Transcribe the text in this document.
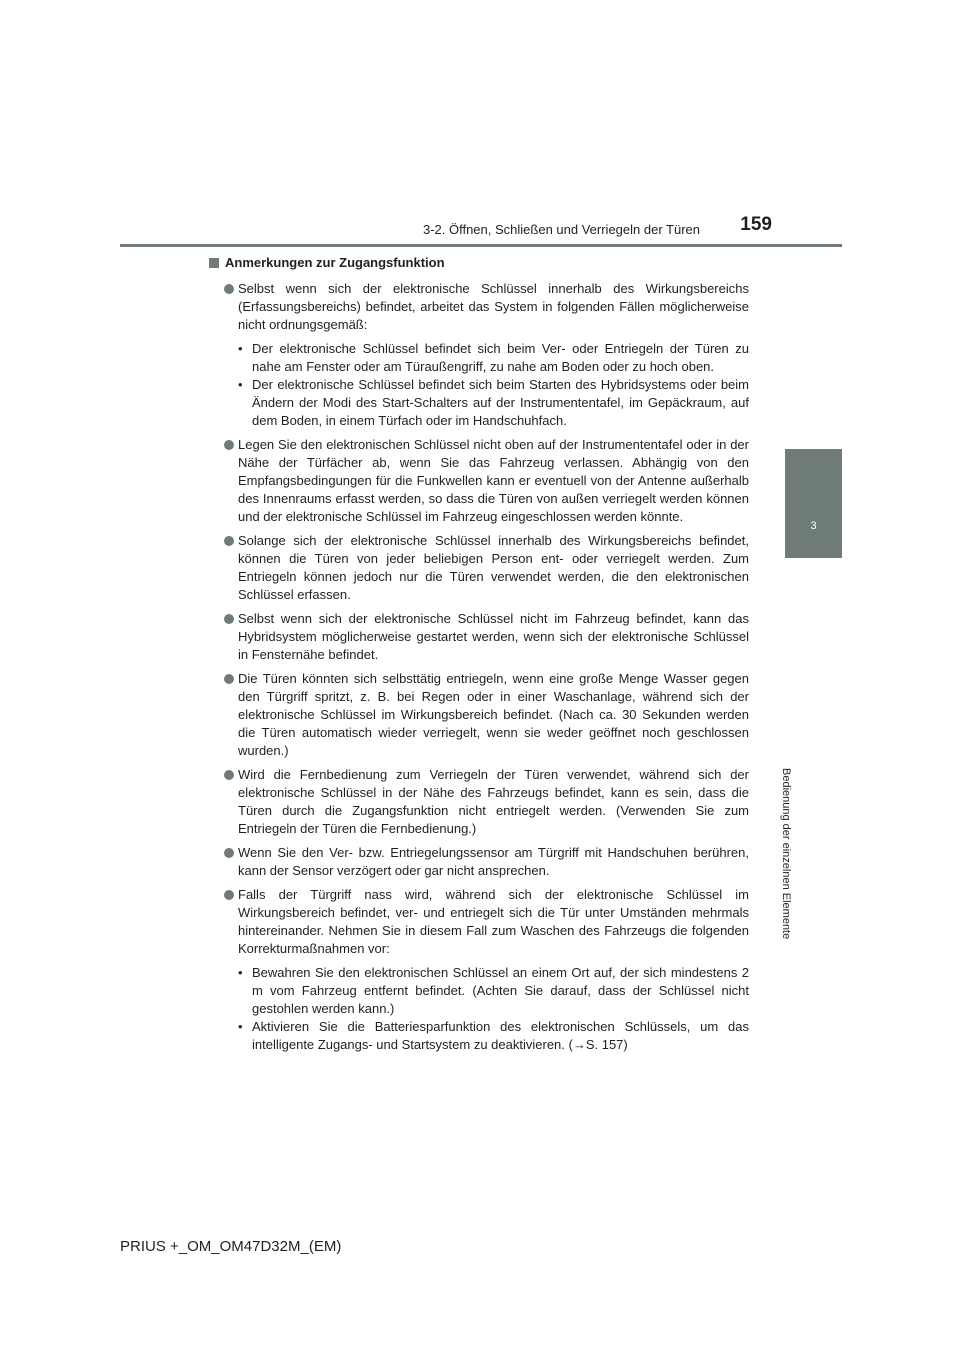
3-2. Öffnen, Schließen und Verriegeln der Türen 159
3
Bedienung der einzelnen Elemente
Anmerkungen zur Zugangsfunktion
Selbst wenn sich der elektronische Schlüssel innerhalb des Wirkungsbereichs (Erfassungsbereichs) befindet, arbeitet das System in folgenden Fällen möglicherweise nicht ordnungsgemäß:
• Der elektronische Schlüssel befindet sich beim Ver- oder Entriegeln der Türen zu nahe am Fenster oder am Türaußengriff, zu nahe am Boden oder zu hoch oben.
• Der elektronische Schlüssel befindet sich beim Starten des Hybridsystems oder beim Ändern der Modi des Start-Schalters auf der Instrumententafel, im Gepäckraum, auf dem Boden, in einem Türfach oder im Handschuhfach.
Legen Sie den elektronischen Schlüssel nicht oben auf der Instrumententafel oder in der Nähe der Türfächer ab, wenn Sie das Fahrzeug verlassen. Abhängig von den Empfangsbedingungen für die Funkwellen kann er eventuell von der Antenne außerhalb des Innenraums erfasst werden, so dass die Türen von außen verriegelt werden können und der elektronische Schlüssel im Fahrzeug eingeschlossen werden könnte.
Solange sich der elektronische Schlüssel innerhalb des Wirkungsbereichs befindet, können die Türen von jeder beliebigen Person ent- oder verriegelt werden. Zum Entriegeln können jedoch nur die Türen verwendet werden, die den elektronischen Schlüssel erfassen.
Selbst wenn sich der elektronische Schlüssel nicht im Fahrzeug befindet, kann das Hybridsystem möglicherweise gestartet werden, wenn sich der elektronische Schlüssel in Fensternähe befindet.
Die Türen könnten sich selbsttätig entriegeln, wenn eine große Menge Wasser gegen den Türgriff spritzt, z. B. bei Regen oder in einer Waschanlage, während sich der elektronische Schlüssel im Wirkungsbereich befindet. (Nach ca. 30 Sekunden werden die Türen automatisch wieder verriegelt, wenn sie weder geöffnet noch geschlossen wurden.)
Wird die Fernbedienung zum Verriegeln der Türen verwendet, während sich der elektronische Schlüssel in der Nähe des Fahrzeugs befindet, kann es sein, dass die Türen durch die Zugangsfunktion nicht entriegelt werden. (Verwenden Sie zum Entriegeln der Türen die Fernbedienung.)
Wenn Sie den Ver- bzw. Entriegelungssensor am Türgriff mit Handschuhen berühren, kann der Sensor verzögert oder gar nicht ansprechen.
Falls der Türgriff nass wird, während sich der elektronische Schlüssel im Wirkungsbereich befindet, ver- und entriegelt sich die Tür unter Umständen mehrmals hintereinander. Nehmen Sie in diesem Fall zum Waschen des Fahrzeugs die folgenden Korrekturmaßnahmen vor:
• Bewahren Sie den elektronischen Schlüssel an einem Ort auf, der sich mindestens 2 m vom Fahrzeug entfernt befindet. (Achten Sie darauf, dass der Schlüssel nicht gestohlen werden kann.)
• Aktivieren Sie die Batteriesparfunktion des elektronischen Schlüssels, um das intelligente Zugangs- und Startsystem zu deaktivieren. (→S. 157)
PRIUS +_OM_OM47D32M_(EM)
